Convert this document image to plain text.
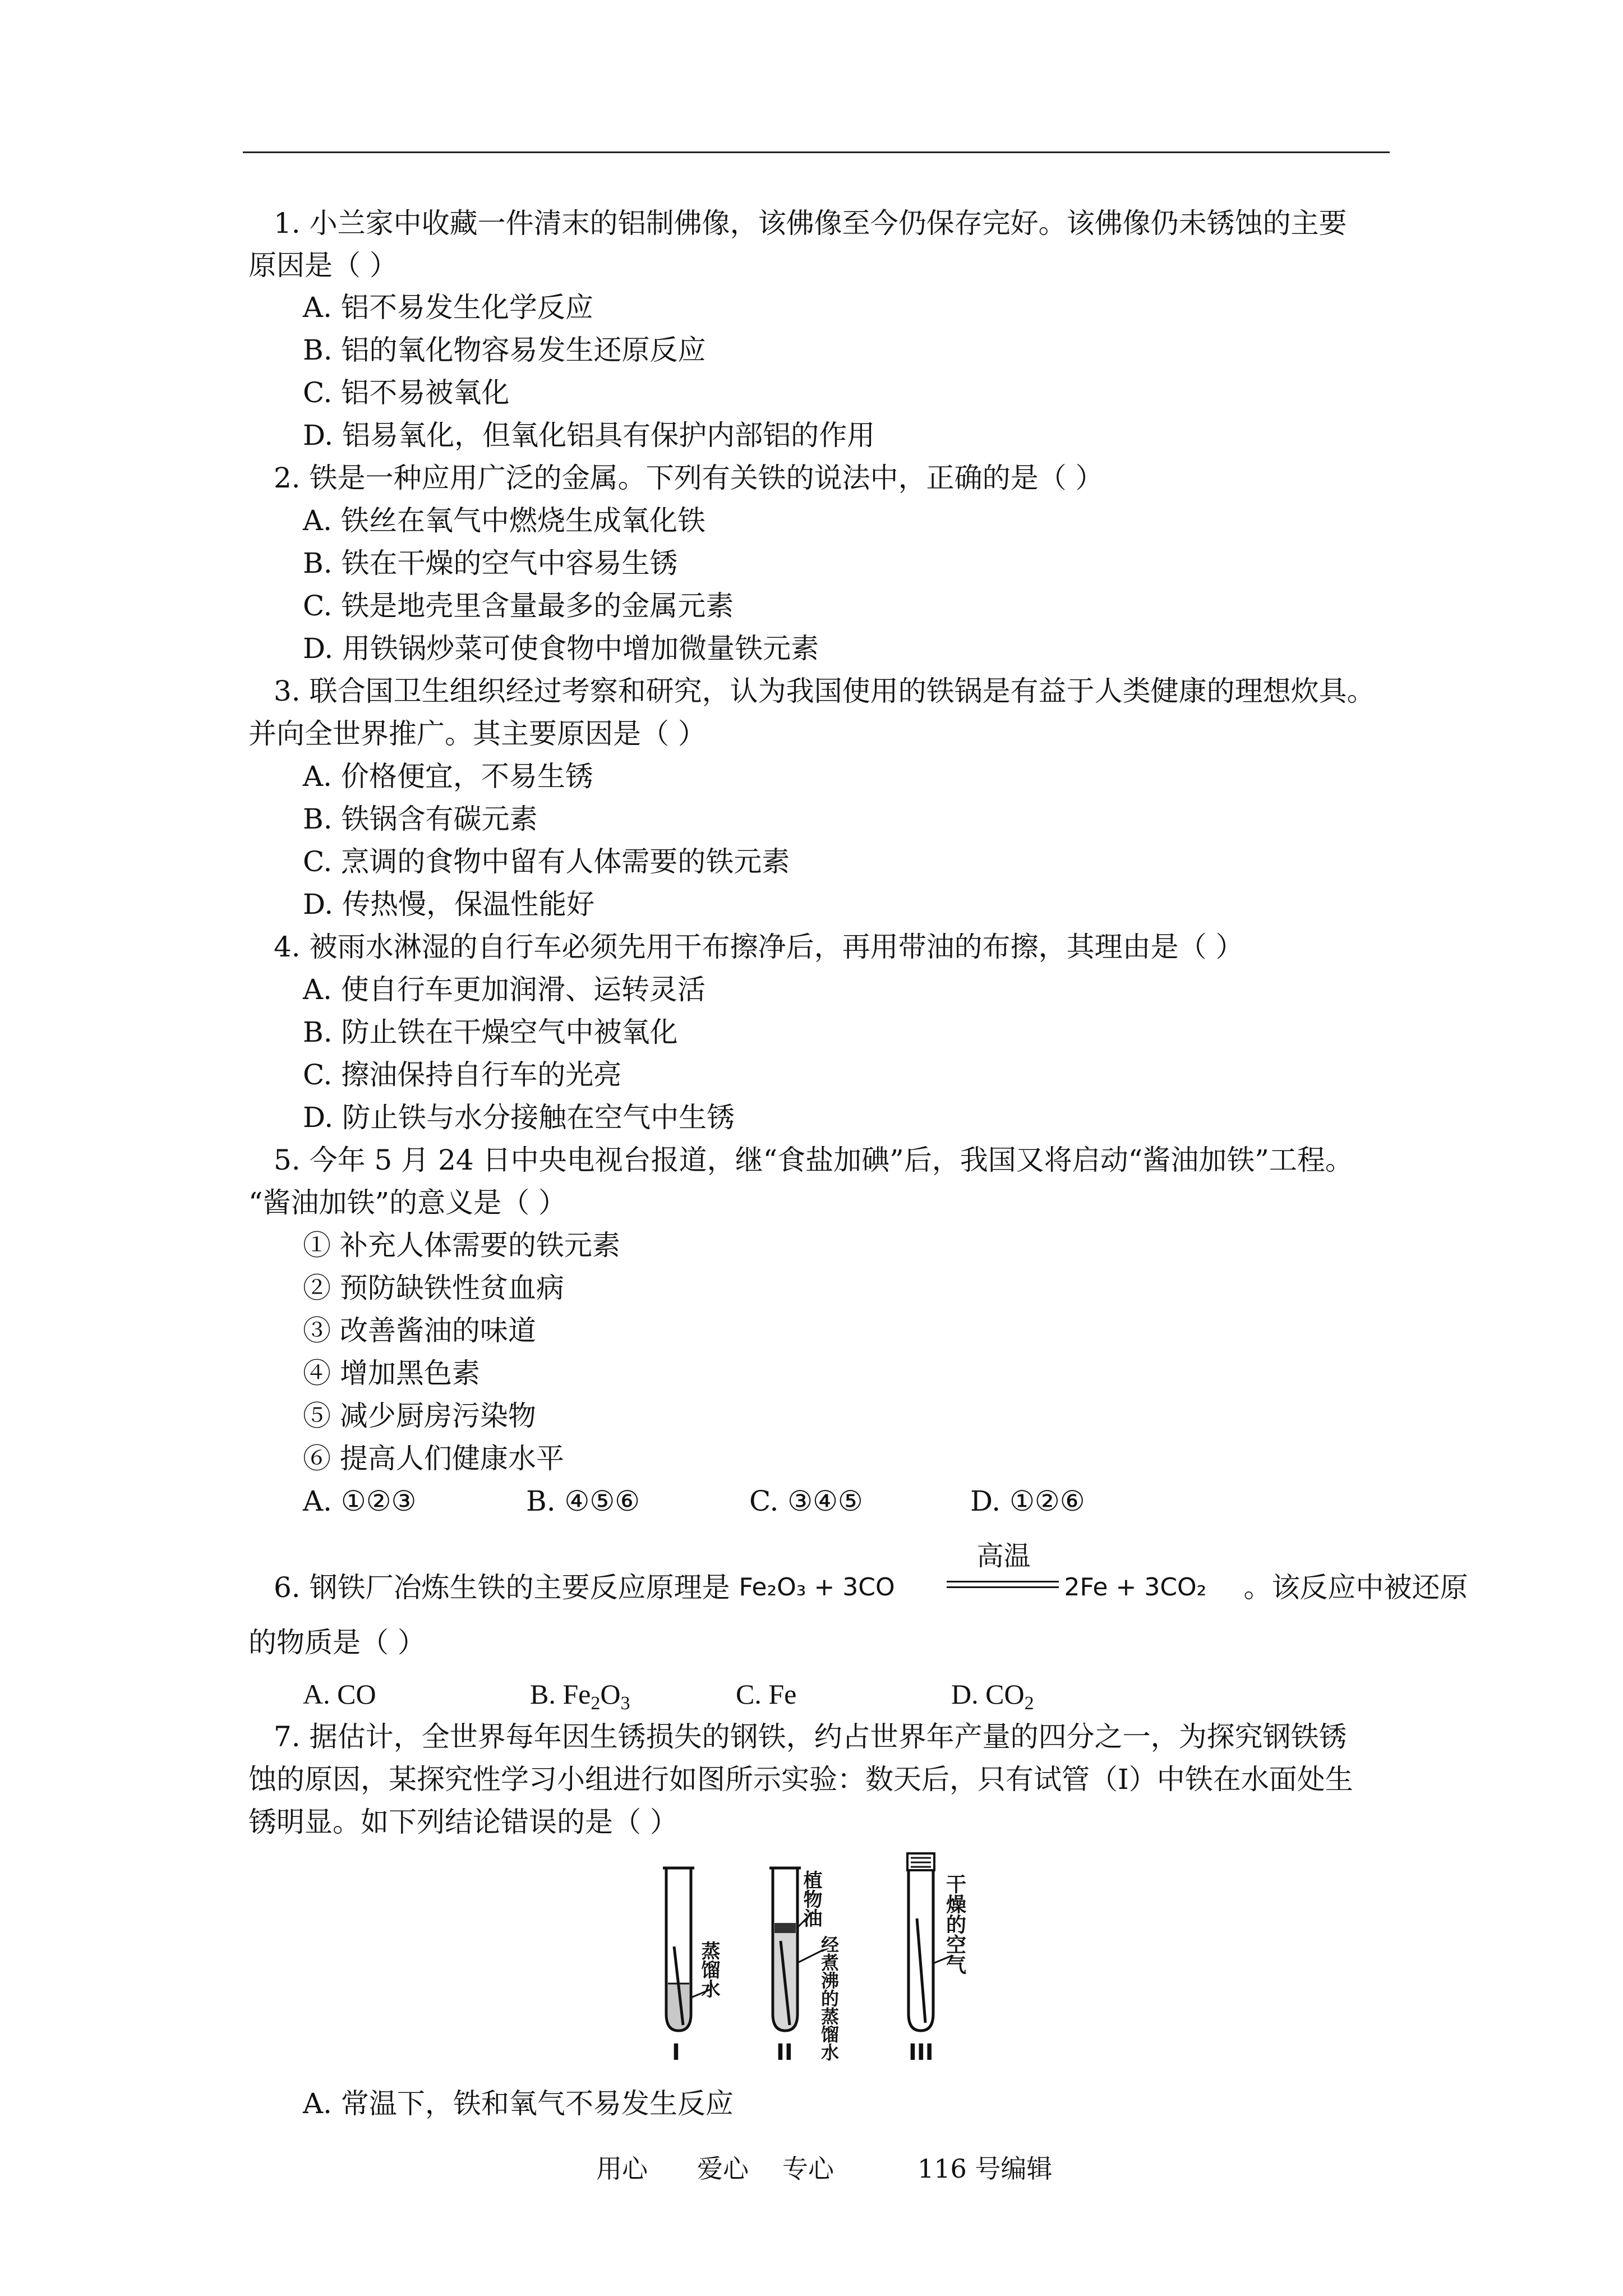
1. 小兰家中收藏一件清末的铝制佛像，该佛像至今仍保存完好。该佛像仍未锈蚀的主要
原因是（ ）
A. 铝不易发生化学反应
B. 铝的氧化物容易发生还原反应
C. 铝不易被氧化
D. 铝易氧化，但氧化铝具有保护内部铝的作用
2. 铁是一种应用广泛的金属。下列有关铁的说法中，正确的是（ ）
A. 铁丝在氧气中燃烧生成氧化铁
B. 铁在干燥的空气中容易生锈
C. 铁是地壳里含量最多的金属元素
D. 用铁锅炒菜可使食物中增加微量铁元素
3. 联合国卫生组织经过考察和研究，认为我国使用的铁锅是有益于人类健康的理想炊具。
并向全世界推广。其主要原因是（ ）
A. 价格便宜，不易生锈
B. 铁锅含有碳元素
C. 烹调的食物中留有人体需要的铁元素
D. 传热慢，保温性能好
4. 被雨水淋湿的自行车必须先用干布擦净后，再用带油的布擦，其理由是（ ）
A. 使自行车更加润滑、运转灵活
B. 防止铁在干燥空气中被氧化
C. 擦油保持自行车的光亮
D. 防止铁与水分接触在空气中生锈
5. 今年 5 月 24 日中央电视台报道，继“食盐加碘”后，我国又将启动“酱油加铁”工程。
“酱油加铁”的意义是（ ）
① 补充人体需要的铁元素
② 预防缺铁性贫血病
③ 改善酱油的味道
④ 增加黑色素
⑤ 减少厨房污染物
⑥ 提高人们健康水平
A. ①②③	B. ④⑤⑥	C. ③④⑤	D. ①②⑥
6. 钢铁厂冶炼生铁的主要反应原理是 Fe₂O₃ + 3CO
高温
2Fe + 3CO₂ 。该反应中被还原
的物质是（ ）
A. CO	B. $Fe_2O_3$	C. Fe	D. $CO_2$
7. 据估计，全世界每年因生锈损失的钢铁，约占世界年产量的四分之一，为探究钢铁锈
蚀的原因，某探究性学习小组进行如图所示实验：数天后，只有试管（I）中铁在水面处生
锈明显。如下列结论错误的是（ ）
蒸馏水
I
植物油
经煮沸的蒸馏水
II
干燥的空气
III
A. 常温下，铁和氧气不易发生反应
用心 爱心 专心	116 号编辑
